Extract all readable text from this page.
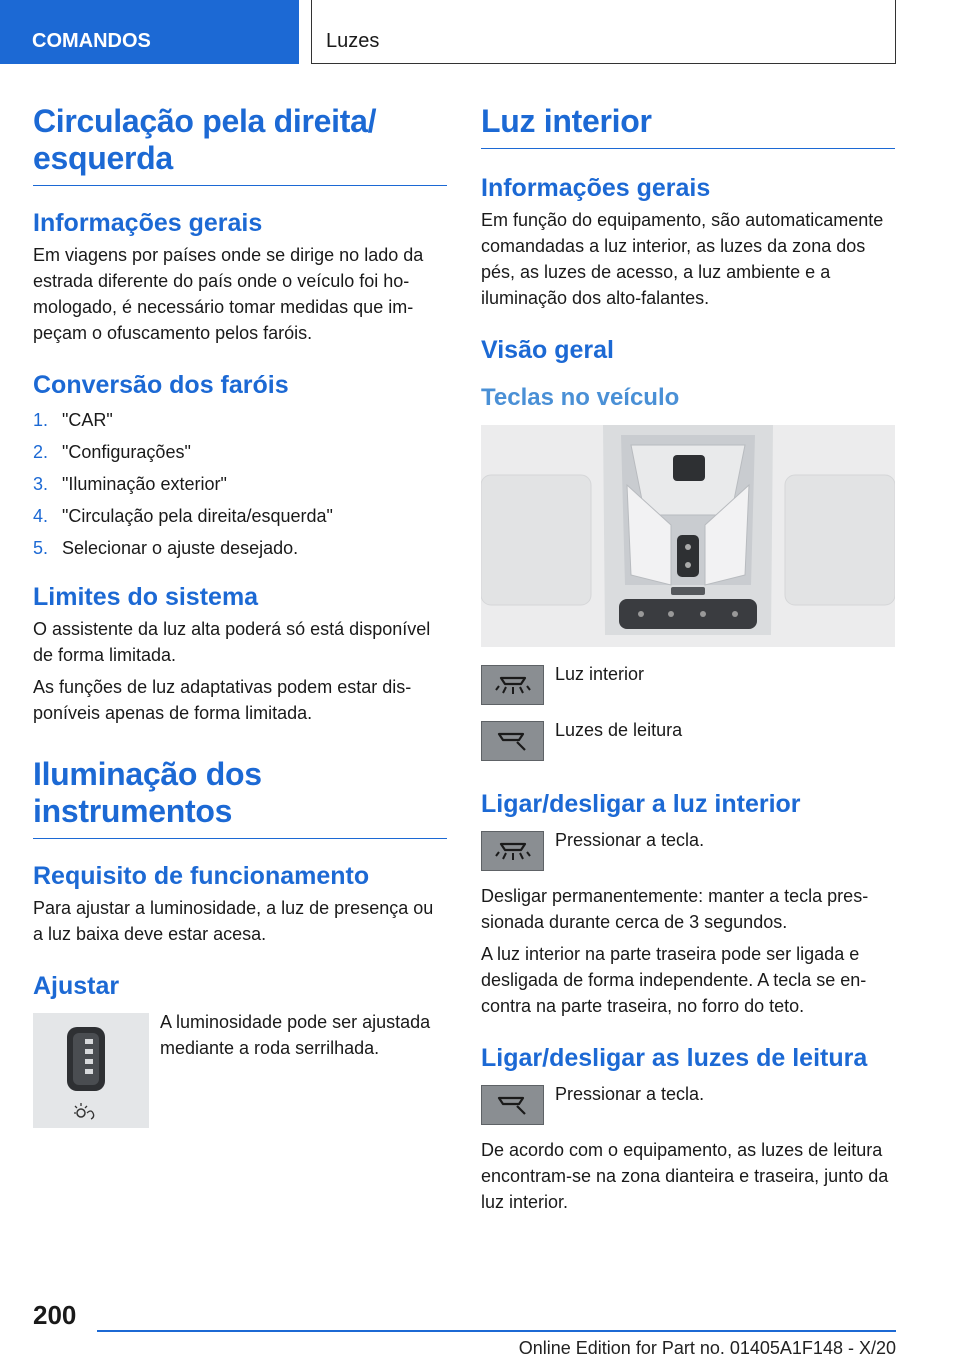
COMANDOS	Luzes
Circulação pela direita/ esquerda
Informações gerais

Em viagens por países onde se dirige no lado da estrada diferente do país onde o veículo foi homologado, é necessário tomar medidas que impeçam o ofuscamento pelos faróis.

Conversão dos faróis
1. "CAR"
2. "Configurações"
3. "Iluminação exterior"
4. "Circulação pela direita/esquerda"
5. Selecionar o ajuste desejado.
Limites do sistema

O assistente da luz alta poderá só está disponível de forma limitada.

As funções de luz adaptativas podem estar disponíveis apenas de forma limitada.

Iluminação dos instrumentos
Requisito de funcionamento

Para ajustar a luminosidade, a luz de presença ou a luz baixa deve estar acesa.

Ajustar

A luminosidade pode ser ajustada mediante a roda serrilhada.

Luz interior
Informações gerais

Em função do equipamento, são automaticamente comandadas a luz interior, as luzes da zona dos pés, as luzes de acesso, a luz ambiente e a iluminação dos alto-falantes.

Visão geral
Teclas no veículo

Luz interior

Luzes de leitura

Ligar/desligar a luz interior

Pressionar a tecla.

Desligar permanentemente: manter a tecla pressionada durante cerca de 3 segundos.

A luz interior na parte traseira pode ser ligada e desligada de forma independente. A tecla se encontra na parte traseira, no forro do teto.

Ligar/desligar as luzes de leitura

Pressionar a tecla.

De acordo com o equipamento, as luzes de leitura encontram-se na zona dianteira e traseira, junto da luz interior.

200
Online Edition for Part no. 01405A1F148 - X/20
